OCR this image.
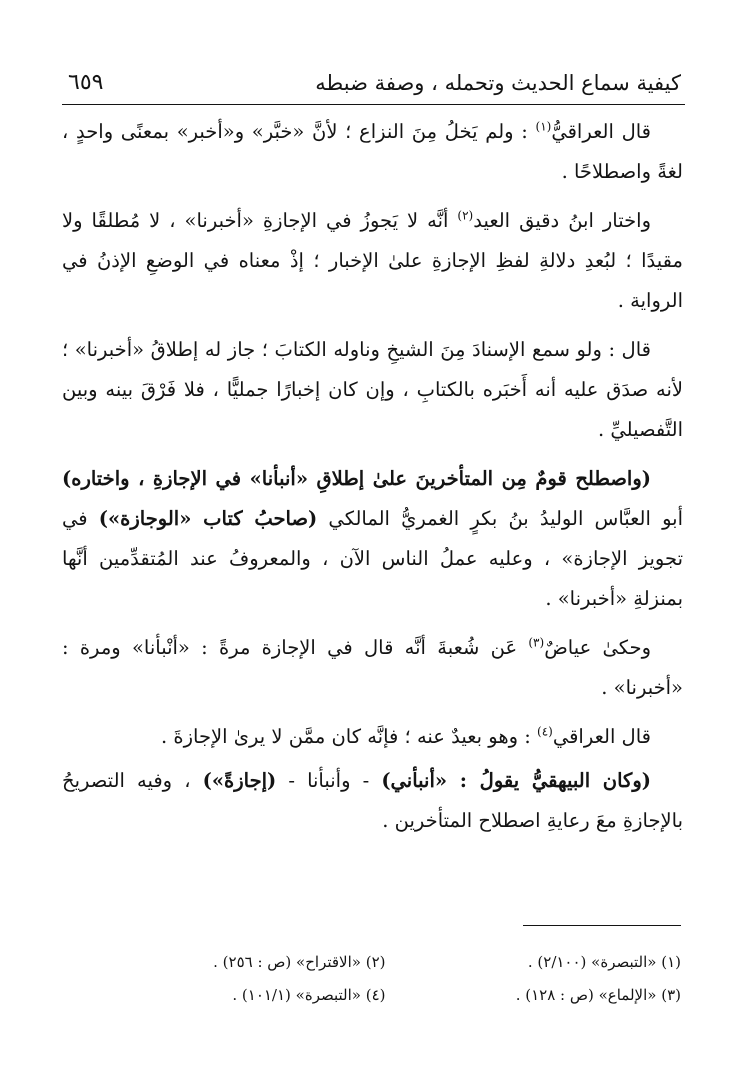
كيفية سماع الحديث وتحمله ، وصفة ضبطه
٦٥٩

قال العراقيُّ$^{(١)}$ : ولم يَخلُ مِنَ النزاع ؛ لأنَّ «خبَّر» و«أخبر» بمعنًى واحدٍ ، لغةً واصطلاحًا .

واختار ابنُ دقيق العيد$^{(٢)}$ أنَّه لا يَجوزُ في الإجازةِ «أخبرنا» ، لا مُطلقًا ولا مقيدًا ؛ لبُعدِ دلالةِ لفظِ الإجازةِ علىٰ الإخبار ؛ إذْ معناه في الوضعِ الإذنُ في الرواية .

قال : ولو سمع الإسنادَ مِنَ الشيخِ وناوله الكتابَ ؛ جاز له إطلاقُ «أخبرنا» ؛ لأنه صدَق عليه أنه أَخبَره بالكتابِ ، وإن كان إخبارًا جمليًّا ، فلا فَرْقَ بينه وبين التَّفصيليِّ .

(واصطلح قومٌ مِن المتأخرينَ علىٰ إطلاقِ «أنبأنا» في الإجازةِ ، واختاره) أبو العبَّاس الوليدُ بنُ بكرٍ الغمريُّ المالكي (صاحبُ كتاب «الوجازة») في تجويز الإجازة» ، وعليه عملُ الناس الآن ، والمعروفُ عند المُتقدِّمين أنَّها بمنزلةِ «أخبرنا» .

وحكىٰ عياضٌ$^{(٣)}$ عَن شُعبةَ أنَّه قال في الإجازة مرةً : «أنْبأنا» ومرة : «أخبرنا» .

قال العراقي$^{(٤)}$ : وهو بعيدٌ عنه ؛ فإنَّه كان ممَّن لا يرىٰ الإجازةَ .

(وكان البيهقيُّ يقولُ : «أنبأني) - وأنبأنا - (إجازةً») ، وفيه التصريحُ بالإجازةِ معَ رعايةِ اصطلاح المتأخرين .

(١) «التبصرة» (٢/١٠٠) .
(٢) «الاقتراح» (ص : ٢٥٦) .
(٣) «الإلماع» (ص : ١٢٨) .
(٤) «التبصرة» (١٠١/١) .
